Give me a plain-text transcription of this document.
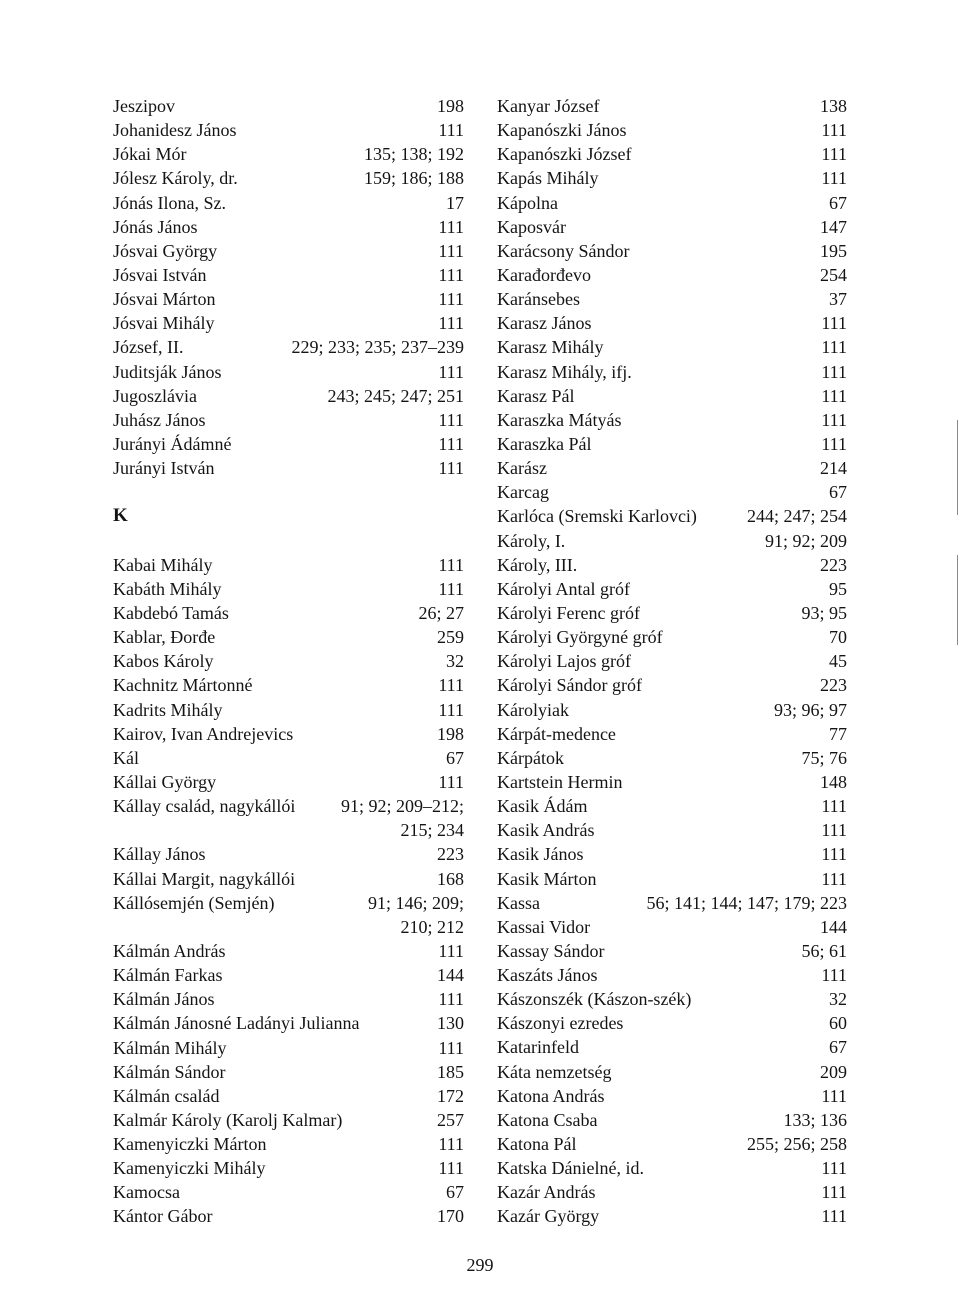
Jeszipov	198
Johanidesz János	111
Jókai Mór	135; 138; 192
Jólesz Károly, dr.	159; 186; 188
Jónás Ilona, Sz.	17
Jónás János	111
Jósvai György	111
Jósvai István	111
Jósvai Márton	111
Jósvai Mihály	111
József, II.	229; 233; 235; 237–239
Juditsják János	111
Jugoszlávia	243; 245; 247; 251
Juhász János	111
Jurányi Ádámné	111
Jurányi István	111
K
Kabai Mihály	111
Kabáth Mihály	111
Kabdebó Tamás	26; 27
Kablar, Đorđe	259
Kabos Károly	32
Kachnitz Mártonné	111
Kadrits Mihály	111
Kairov, Ivan Andrejevics	198
Kál	67
Kállai György	111
Kállay család, nagykállói	91; 92; 209–212;
215; 234
Kállay János	223
Kállai Margit, nagykállói	168
Kállósemjén (Semjén)	91; 146; 209;
210; 212
Kálmán András	111
Kálmán Farkas	144
Kálmán János	111
Kálmán Jánosné Ladányi Julianna	130
Kálmán Mihály	111
Kálmán Sándor	185
Kálmán család	172
Kalmár Károly (Karolj Kalmar)	257
Kamenyiczki Márton	111
Kamenyiczki Mihály	111
Kamocsa	67
Kántor Gábor	170
Kanyar József	138
Kapanószki János	111
Kapanószki József	111
Kapás Mihály	111
Kápolna	67
Kaposvár	147
Karácsony Sándor	195
Karađorđevo	254
Karánsebes	37
Karasz János	111
Karasz Mihály	111
Karasz Mihály, ifj.	111
Karasz Pál	111
Karaszka Mátyás	111
Karaszka Pál	111
Karász	214
Karcag	67
Karlóca (Sremski Karlovci)	244; 247; 254
Károly, I.	91; 92; 209
Károly, III.	223
Károlyi Antal gróf	95
Károlyi Ferenc gróf	93; 95
Károlyi Györgyné gróf	70
Károlyi Lajos gróf	45
Károlyi Sándor gróf	223
Károlyiak	93; 96; 97
Kárpát-medence	77
Kárpátok	75; 76
Kartstein Hermin	148
Kasik Ádám	111
Kasik András	111
Kasik János	111
Kasik Márton	111
Kassa	56; 141; 144; 147; 179; 223
Kassai Vidor	144
Kassay Sándor	56; 61
Kaszáts János	111
Kászonszék (Kászon-szék)	32
Kászonyi ezredes	60
Katarinfeld	67
Káta nemzetség	209
Katona András	111
Katona Csaba	133; 136
Katona Pál	255; 256; 258
Katska Dánielné, id.	111
Kazár András	111
Kazár György	111
299
